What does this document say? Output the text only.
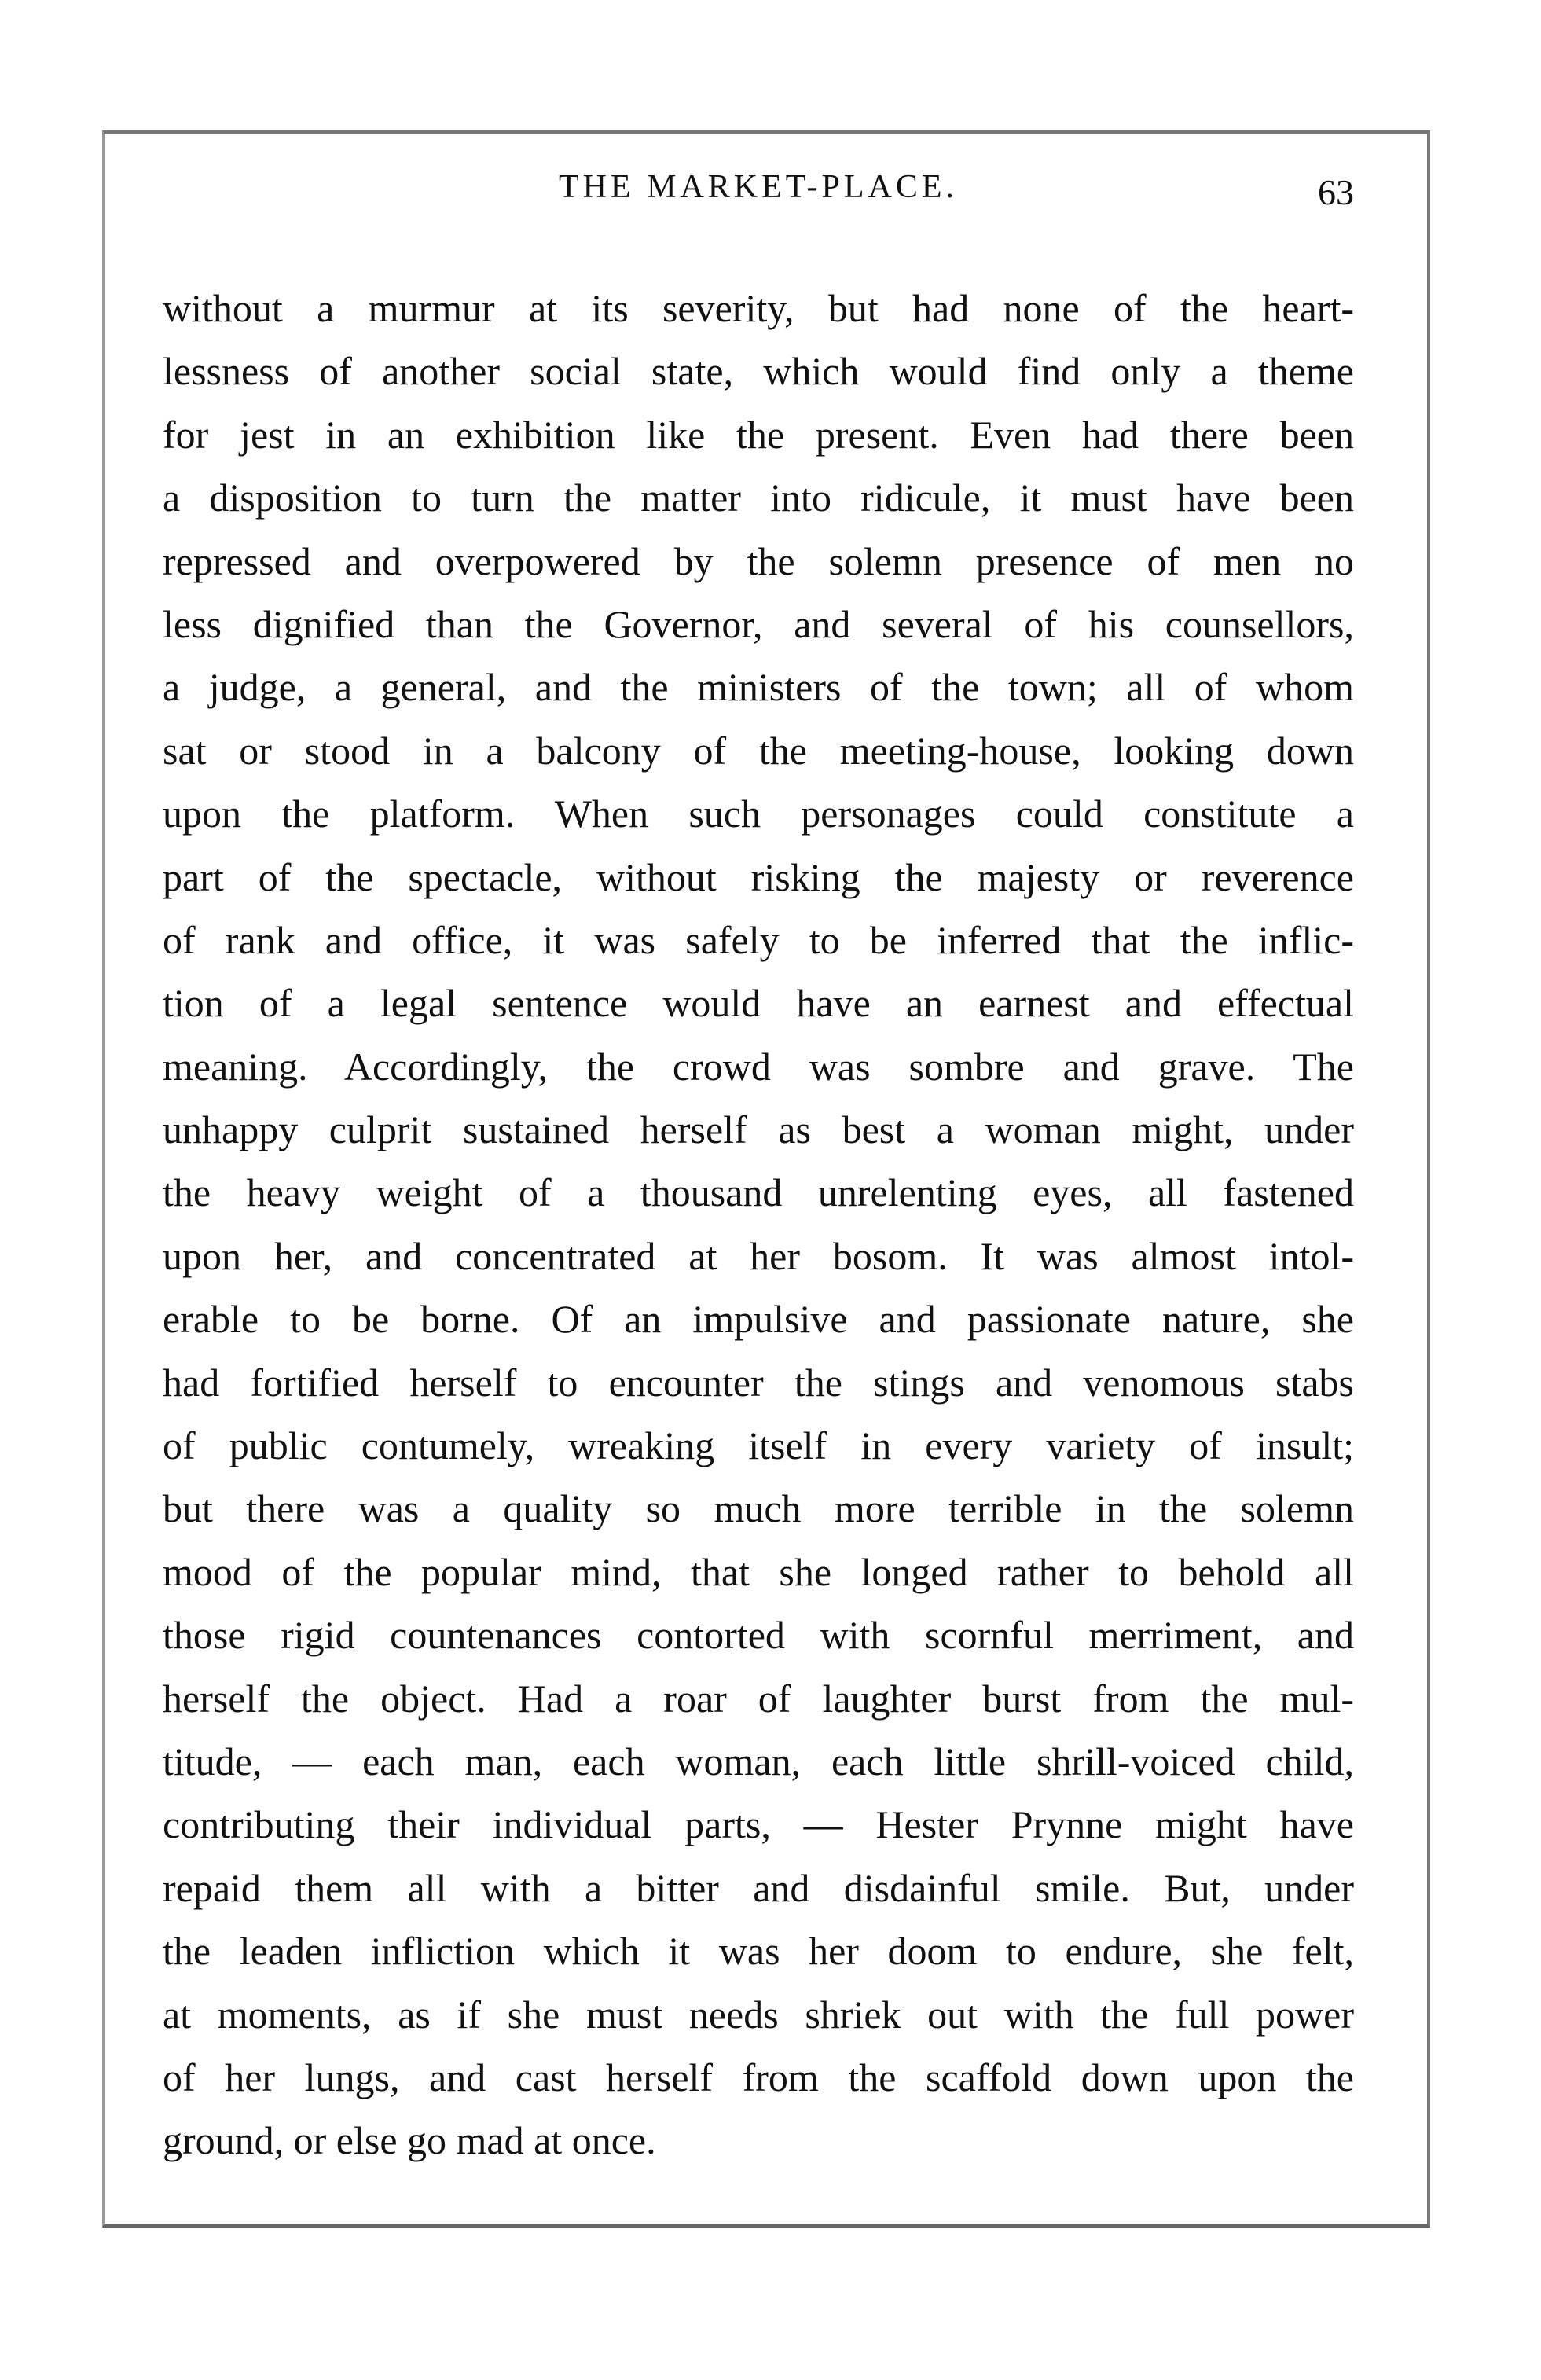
THE MARKET-PLACE.	63
without a murmur at its severity, but had none of the heart-
lessness of another social state, which would find only a theme
for jest in an exhibition like the present. Even had there been
a disposition to turn the matter into ridicule, it must have been
repressed and overpowered by the solemn presence of men no
less dignified than the Governor, and several of his counsellors,
a judge, a general, and the ministers of the town; all of whom
sat or stood in a balcony of the meeting-house, looking down
upon the platform. When such personages could constitute a
part of the spectacle, without risking the majesty or reverence
of rank and office, it was safely to be inferred that the inflic-
tion of a legal sentence would have an earnest and effectual
meaning. Accordingly, the crowd was sombre and grave. The
unhappy culprit sustained herself as best a woman might, under
the heavy weight of a thousand unrelenting eyes, all fastened
upon her, and concentrated at her bosom. It was almost intol-
erable to be borne. Of an impulsive and passionate nature, she
had fortified herself to encounter the stings and venomous stabs
of public contumely, wreaking itself in every variety of insult;
but there was a quality so much more terrible in the solemn
mood of the popular mind, that she longed rather to behold all
those rigid countenances contorted with scornful merriment, and
herself the object. Had a roar of laughter burst from the mul-
titude, — each man, each woman, each little shrill-voiced child,
contributing their individual parts, — Hester Prynne might have
repaid them all with a bitter and disdainful smile. But, under
the leaden infliction which it was her doom to endure, she felt,
at moments, as if she must needs shriek out with the full power
of her lungs, and cast herself from the scaffold down upon the
ground, or else go mad at once.
